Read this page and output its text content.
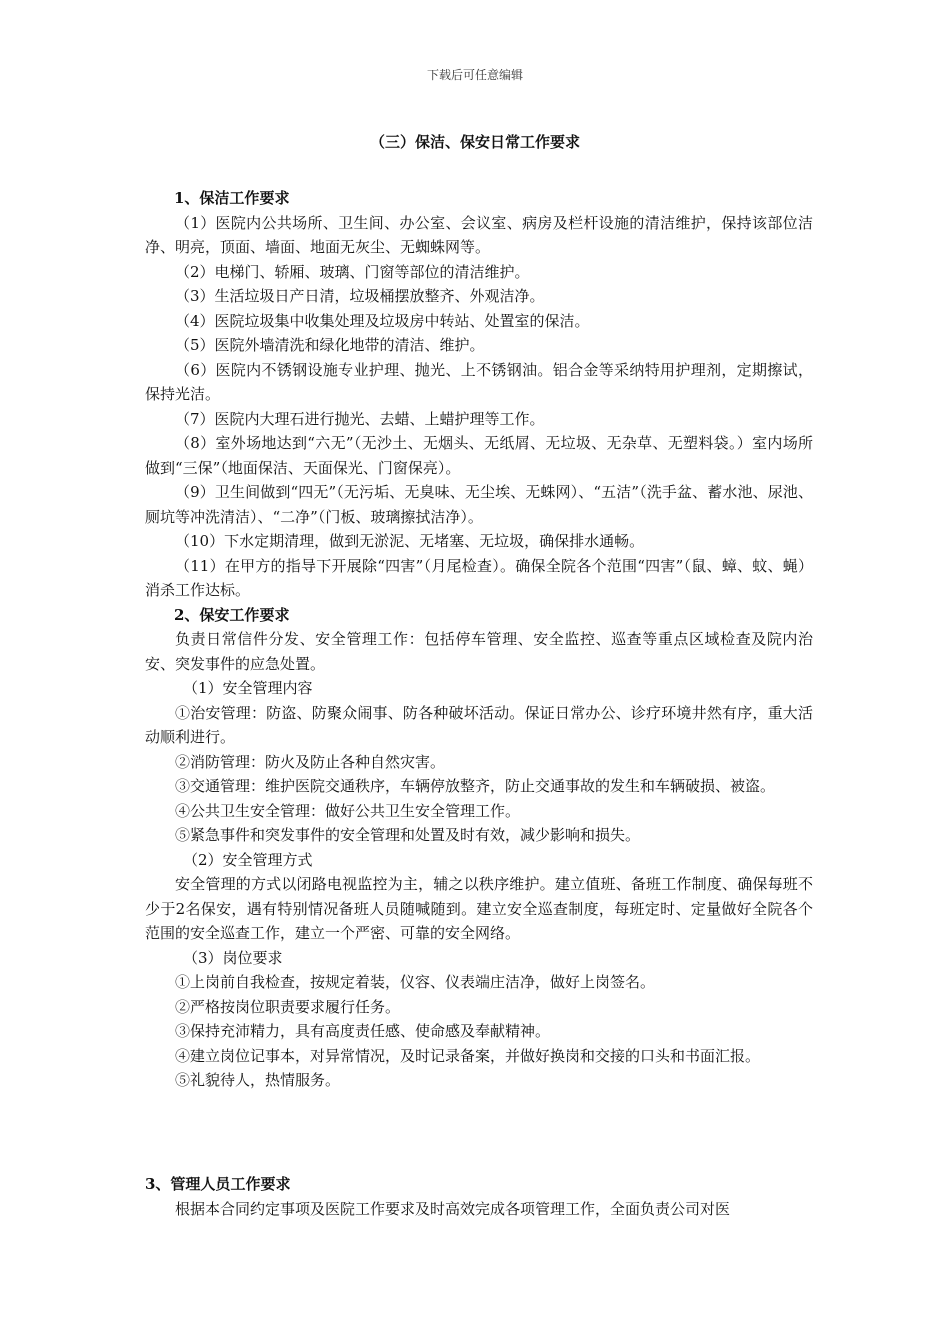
下载后可任意编辑
（三）保洁、保安日常工作要求

1、保洁工作要求

（1）医院内公共场所、卫生间、办公室、会议室、病房及栏杆设施的清洁维护，保持该部位洁净、明亮，顶面、墙面、地面无灰尘、无蜘蛛网等。

（2）电梯门、轿厢、玻璃、门窗等部位的清洁维护。

（3）生活垃圾日产日清，垃圾桶摆放整齐、外观洁净。

（4）医院垃圾集中收集处理及垃圾房中转站、处置室的保洁。

（5）医院外墙清洗和绿化地带的清洁、维护。

（6）医院内不锈钢设施专业护理、抛光、上不锈钢油。铝合金等采纳特用护理剂，定期擦试，保持光洁。

（7）医院内大理石进行抛光、去蜡、上蜡护理等工作。

（8）室外场地达到“六无”（无沙土、无烟头、无纸屑、无垃圾、无杂草、无塑料袋。）室内场所做到“三保”（地面保洁、天面保光、门窗保亮）。

（9）卫生间做到“四无”（无污垢、无臭味、无尘埃、无蛛网）、“五洁”（洗手盆、蓄水池、尿池、厕坑等冲洗清洁）、“二净”（门板、玻璃擦拭洁净）。

（10）下水定期清理，做到无淤泥、无堵塞、无垃圾，确保排水通畅。

（11）在甲方的指导下开展除“四害”（月尾检查）。确保全院各个范围“四害”（鼠、蟑、蚊、蝇）消杀工作达标。

2、保安工作要求

负责日常信件分发、安全管理工作：包括停车管理、安全监控、巡查等重点区域检查及院内治安、突发事件的应急处置。

（1）安全管理内容

①治安管理：防盗、防聚众闹事、防各种破坏活动。保证日常办公、诊疗环境井然有序，重大活动顺利进行。

②消防管理：防火及防止各种自然灾害。

③交通管理：维护医院交通秩序，车辆停放整齐，防止交通事故的发生和车辆破损、被盗。

④公共卫生安全管理：做好公共卫生安全管理工作。

⑤紧急事件和突发事件的安全管理和处置及时有效，减少影响和损失。

（2）安全管理方式

安全管理的方式以闭路电视监控为主，辅之以秩序维护。建立值班、备班工作制度、确保每班不少于2名保安，遇有特别情况备班人员随喊随到。建立安全巡查制度，每班定时、定量做好全院各个范围的安全巡查工作，建立一个严密、可靠的安全网络。

（3）岗位要求

①上岗前自我检查，按规定着装，仪容、仪表端庄洁净，做好上岗签名。

②严格按岗位职责要求履行任务。

③保持充沛精力，具有高度责任感、使命感及奉献精神。

④建立岗位记事本，对异常情况，及时记录备案，并做好换岗和交接的口头和书面汇报。

⑤礼貌待人，热情服务。

3、管理人员工作要求

根据本合同约定事项及医院工作要求及时高效完成各项管理工作，全面负责公司对医
